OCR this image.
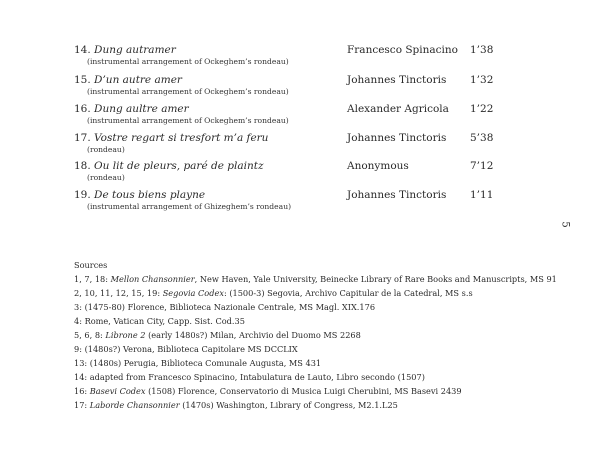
14. Dung autramer
(instrumental arrangement of Ockeghem’s rondeau)
Francesco Spinacino 1’38
15. D’un autre amer
(instrumental arrangement of Ockeghem’s rondeau)
Johannes Tinctoris 1’32
16. Dung aultre amer
(instrumental arrangement of Ockeghem’s rondeau)
Alexander Agricola 1’22
17. Vostre regart si tresfort m’a feru
(rondeau)
Johannes Tinctoris 5’38
18. Ou lit de pleurs, paré de plaintz
(rondeau)
Anonymous	7’12
19. De tous biens playne
(instrumental arrangement of Ghizeghem’s rondeau)
Johannes Tinctoris 1’11
5
Sources
1, 7, 18: Mellon Chansonnier, New Haven, Yale University, Beinecke Library of Rare Books and Manuscripts, MS 91
2, 10, 11, 12, 15, 19: Segovia Codex: (1500-3) Segovia, Archivo Capitular de la Catedral, MS s.s
3: (1475-80) Florence, Biblioteca Nazionale Centrale, MS Magl. XIX.176
4: Rome, Vatican City, Capp. Sist. Cod.35
5, 6, 8: Librone 2 (early 1480s?) Milan, Archivio del Duomo MS 2268
9: (1480s?) Verona, Biblioteca Capitolare MS DCCLIX
13: (1480s) Perugia, Biblioteca Comunale Augusta, MS 431
14: adapted from Francesco Spinacino, Intabulatura de Lauto, Libro secondo (1507)
16: Basevi Codex (1508) Florence, Conservatorio di Musica Luigi Cherubini, MS Basevi 2439
17: Laborde Chansonnier (1470s) Washington, Library of Congress, M2.1.L25
